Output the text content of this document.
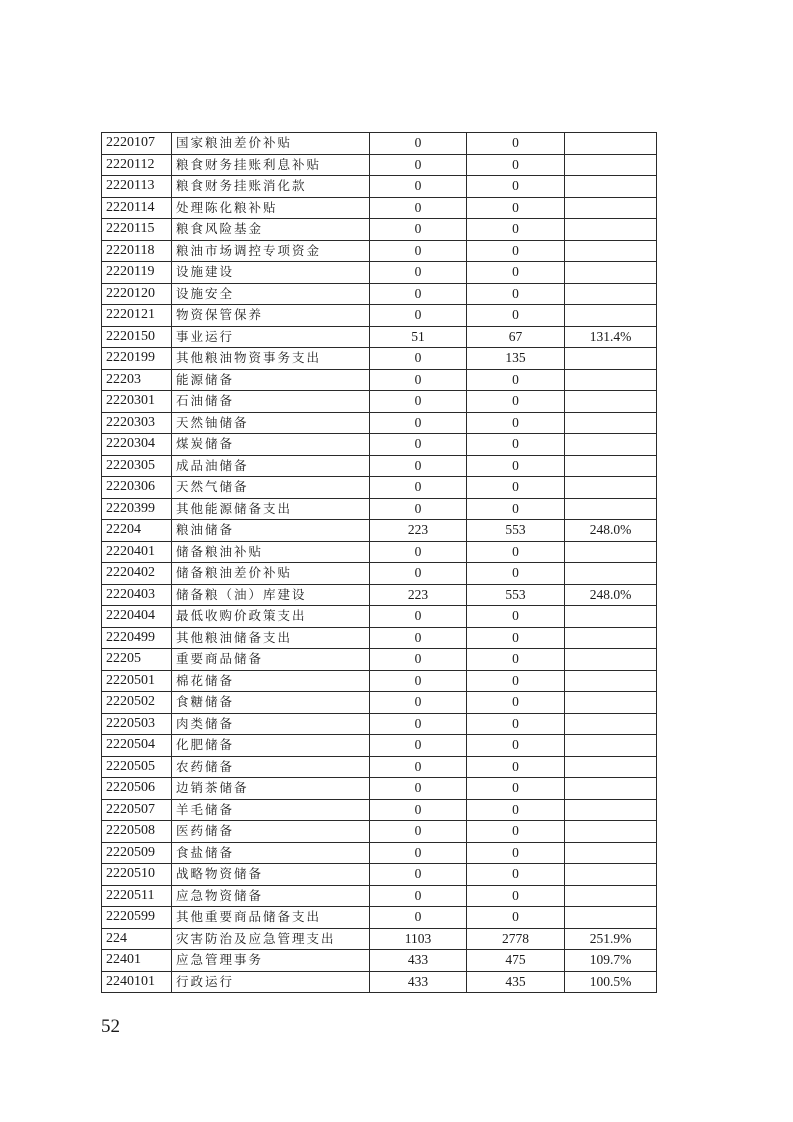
2220107	国家粮油差价补贴	0	0	
2220112	粮食财务挂账利息补贴	0	0	
2220113	粮食财务挂账消化款	0	0	
2220114	处理陈化粮补贴	0	0	
2220115	粮食风险基金	0	0	
2220118	粮油市场调控专项资金	0	0	
2220119	设施建设	0	0	
2220120	设施安全	0	0	
2220121	物资保管保养	0	0	
2220150	事业运行	51	67	131.4%
2220199	其他粮油物资事务支出	0	135	
22203	能源储备	0	0	
2220301	石油储备	0	0	
2220303	天然铀储备	0	0	
2220304	煤炭储备	0	0	
2220305	成品油储备	0	0	
2220306	天然气储备	0	0	
2220399	其他能源储备支出	0	0	
22204	粮油储备	223	553	248.0%
2220401	储备粮油补贴	0	0	
2220402	储备粮油差价补贴	0	0	
2220403	储备粮（油）库建设	223	553	248.0%
2220404	最低收购价政策支出	0	0	
2220499	其他粮油储备支出	0	0	
22205	重要商品储备	0	0	
2220501	棉花储备	0	0	
2220502	食糖储备	0	0	
2220503	肉类储备	0	0	
2220504	化肥储备	0	0	
2220505	农药储备	0	0	
2220506	边销茶储备	0	0	
2220507	羊毛储备	0	0	
2220508	医药储备	0	0	
2220509	食盐储备	0	0	
2220510	战略物资储备	0	0	
2220511	应急物资储备	0	0	
2220599	其他重要商品储备支出	0	0	
224	灾害防治及应急管理支出	1103	2778	251.9%
22401	应急管理事务	433	475	109.7%
2240101	行政运行	433	435	100.5%
52
